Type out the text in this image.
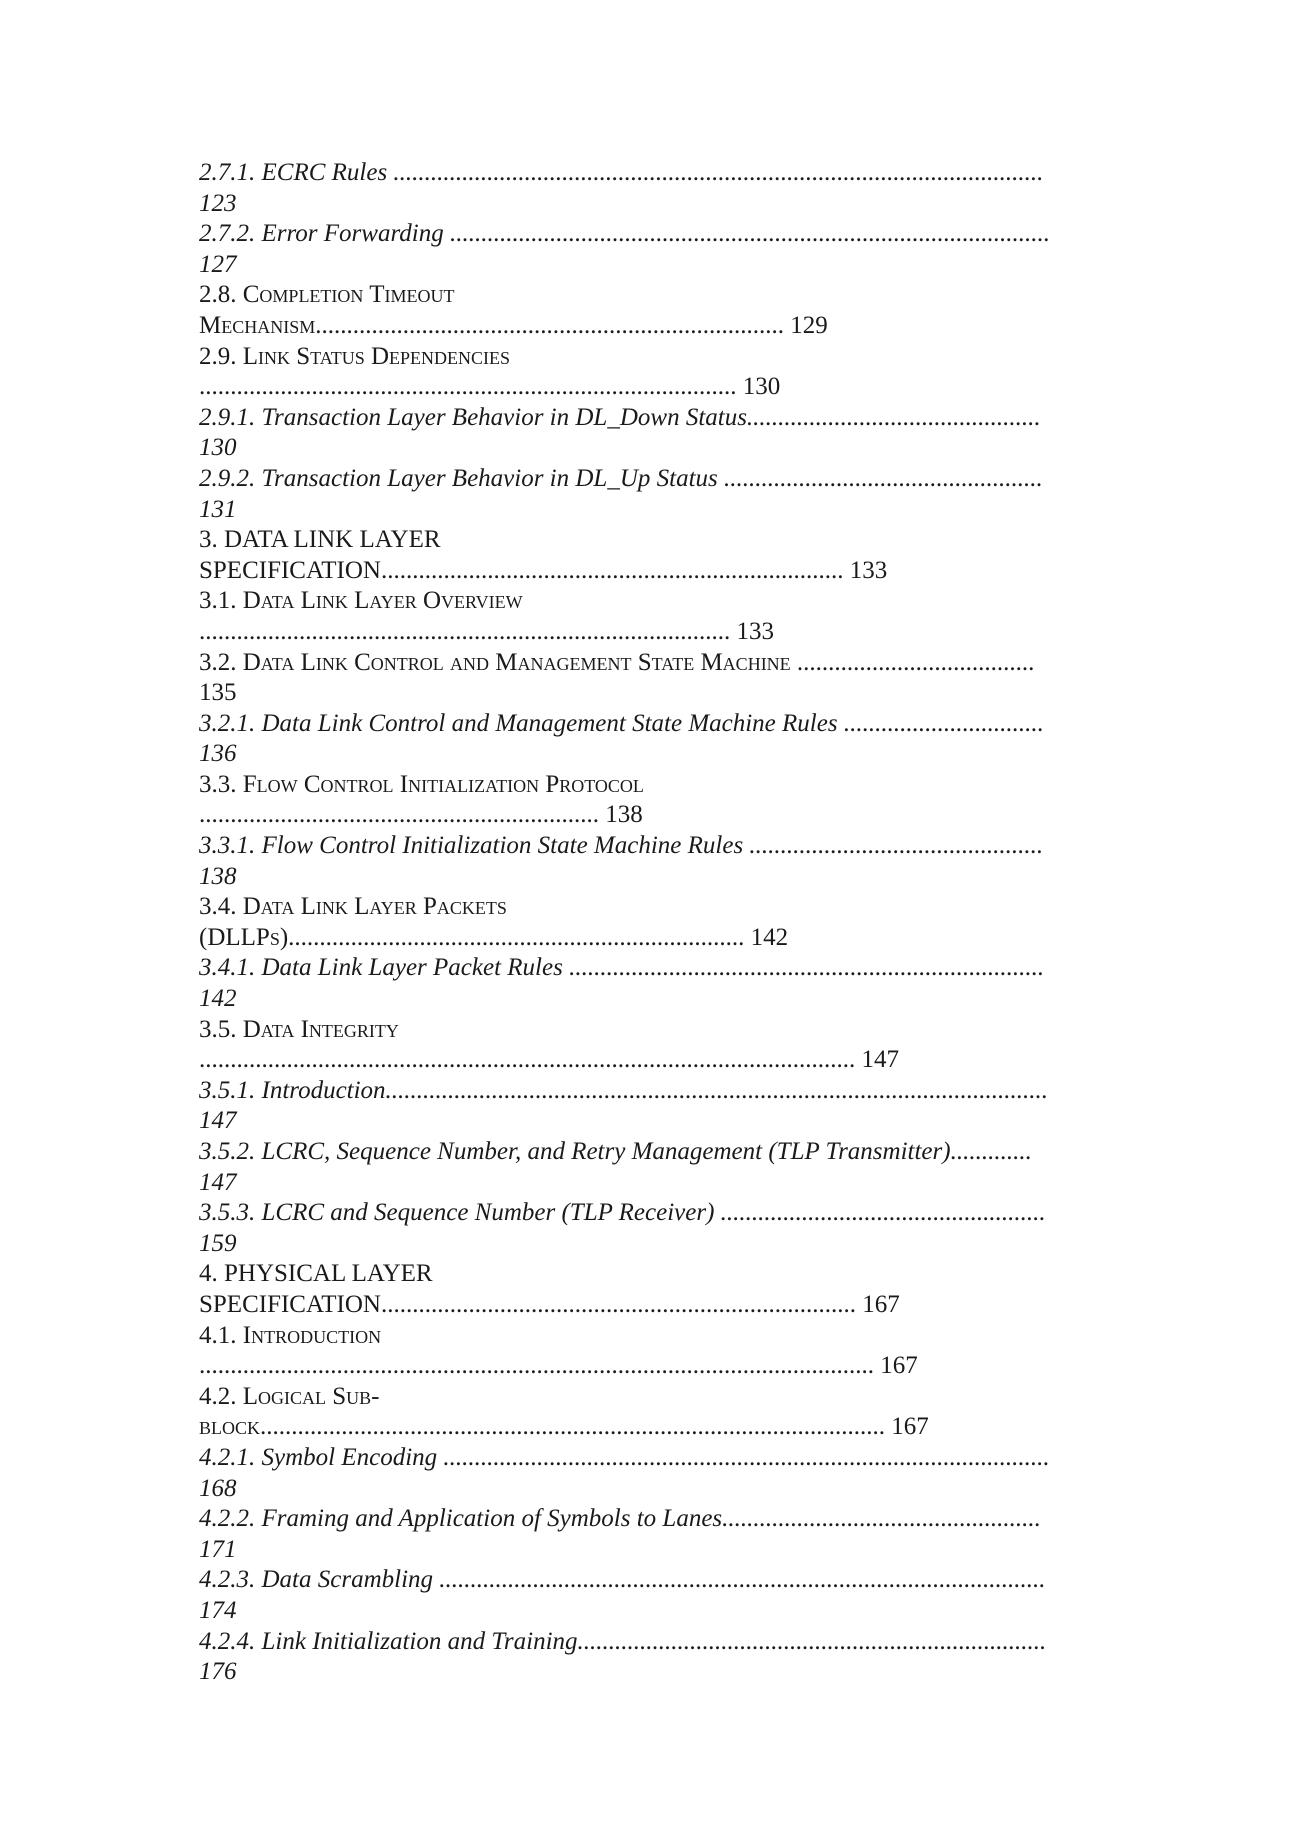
2.7.1. ECRC Rules ........................................................................................................
123
2.7.2. Error Forwarding ................................................................................................
127
2.8. Completion Timeout
Mechanism........................................................................... 129
2.9. Link Status Dependencies
...................................................................................... 130
2.9.1. Transaction Layer Behavior in DL_Down Status...............................................
130
2.9.2. Transaction Layer Behavior in DL_Up Status ...................................................
131
3. DATA LINK LAYER
SPECIFICATION.......................................................................... 133
3.1. Data Link Layer Overview
..................................................................................... 133
3.2. Data Link Control and Management State Machine ......................................
135
3.2.1. Data Link Control and Management State Machine Rules ................................
136
3.3. Flow Control Initialization Protocol
................................................................ 138
3.3.1. Flow Control Initialization State Machine Rules ...............................................
138
3.4. Data Link Layer Packets
(DLLPs)......................................................................... 142
3.4.1. Data Link Layer Packet Rules ............................................................................
142
3.5. Data Integrity
......................................................................................................... 147
3.5.1. Introduction..........................................................................................................
147
3.5.2. LCRC, Sequence Number, and Retry Management (TLP Transmitter).............
147
3.5.3. LCRC and Sequence Number (TLP Receiver) ....................................................
159
4. PHYSICAL LAYER
SPECIFICATION............................................................................ 167
4.1. Introduction
............................................................................................................ 167
4.2. Logical Sub-
block.................................................................................................... 167
4.2.1. Symbol Encoding .................................................................................................
168
4.2.2. Framing and Application of Symbols to Lanes...................................................
171
4.2.3. Data Scrambling .................................................................................................
174
4.2.4. Link Initialization and Training...........................................................................
176
